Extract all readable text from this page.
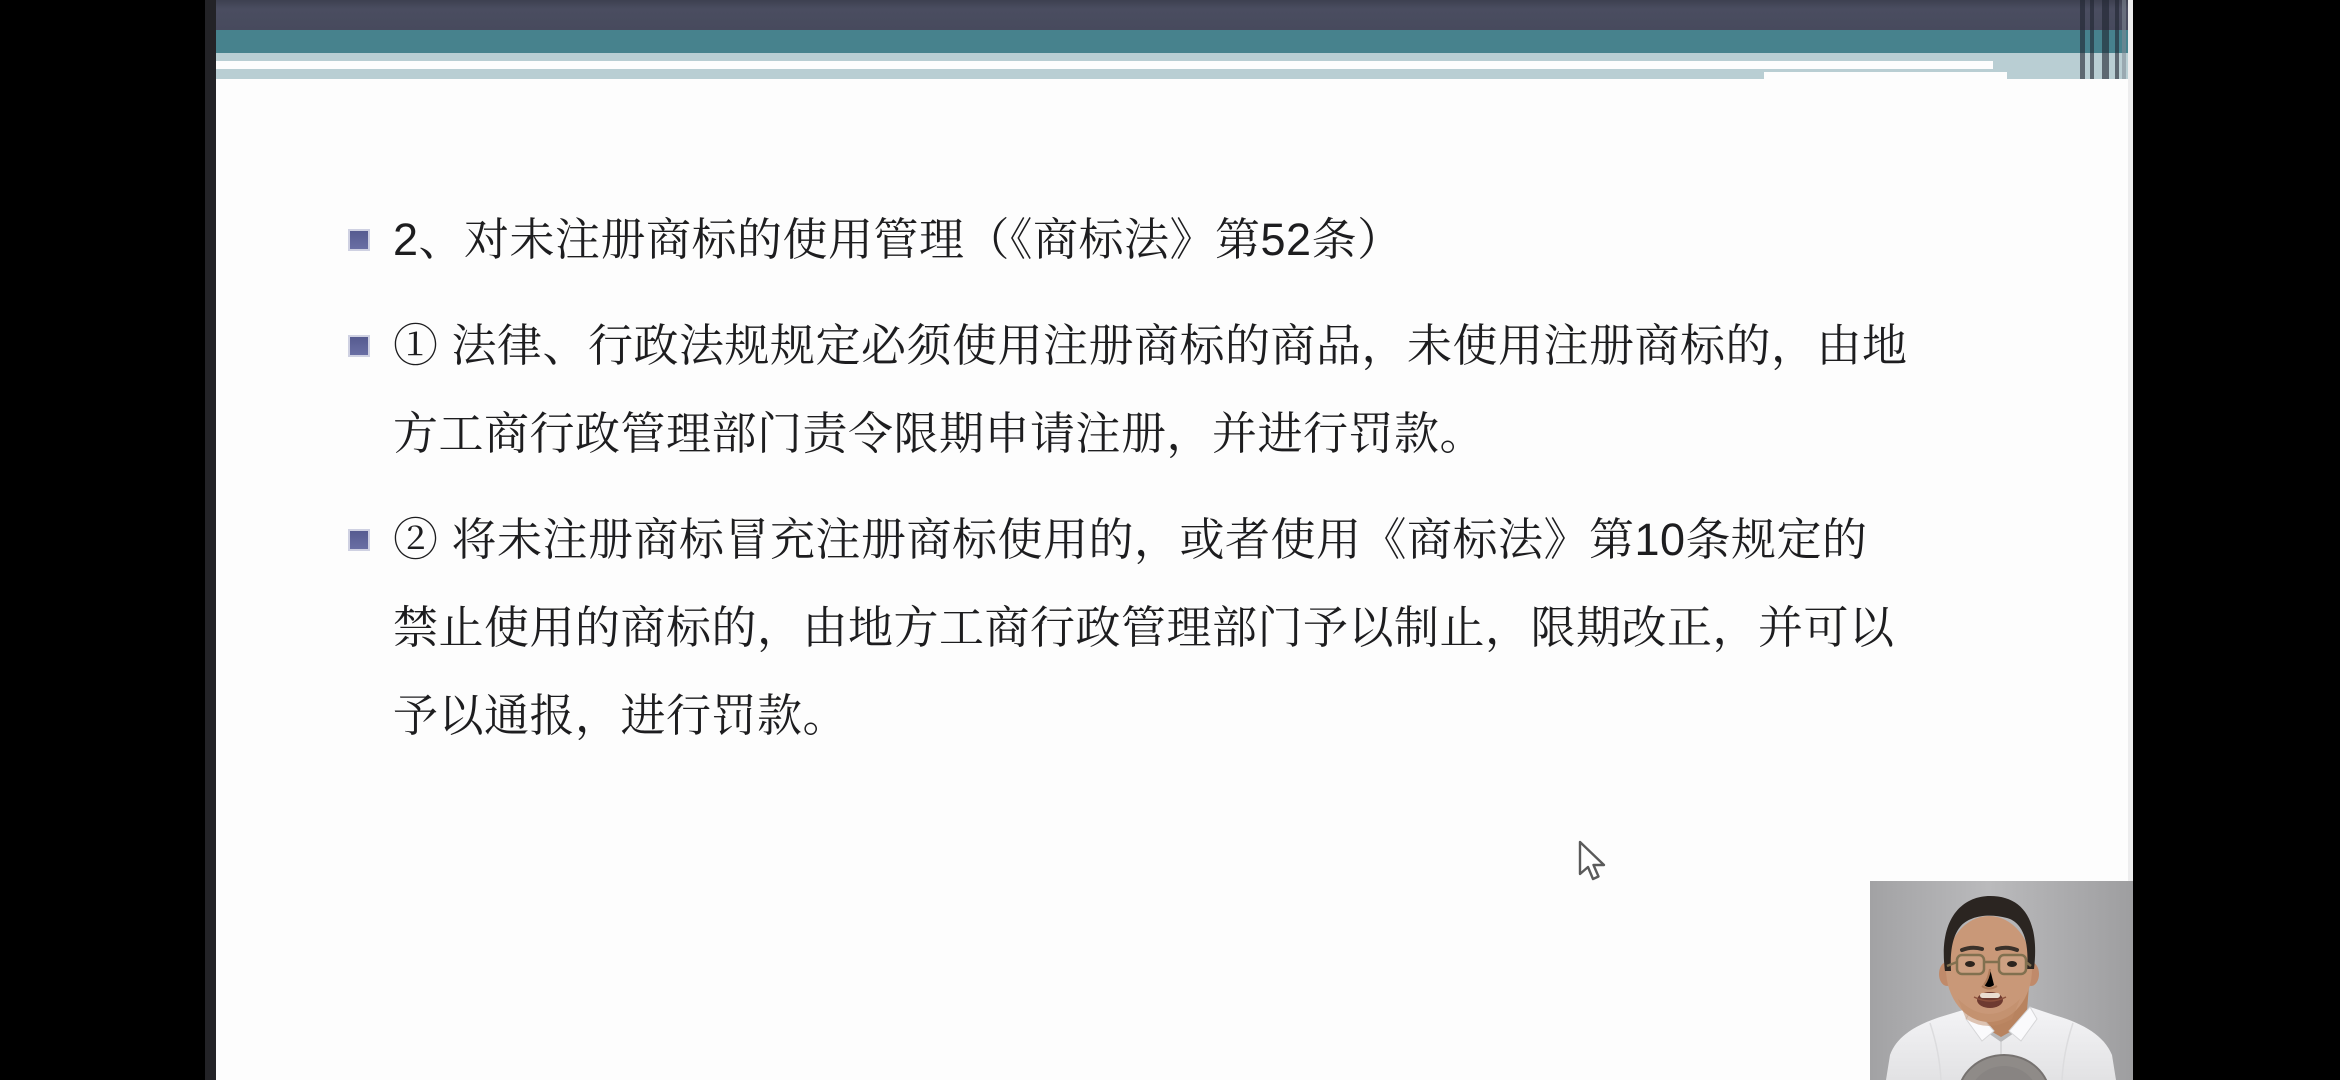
2、对未注册商标的使用管理（《商标法》第52条）
① 法律、行政法规规定必须使用注册商标的商品，未使用注册商标的，由地
方工商行政管理部门责令限期申请注册，并进行罚款。
② 将未注册商标冒充注册商标使用的，或者使用《商标法》第10条规定的
禁止使用的商标的，由地方工商行政管理部门予以制止，限期改正，并可以
予以通报，进行罚款。
